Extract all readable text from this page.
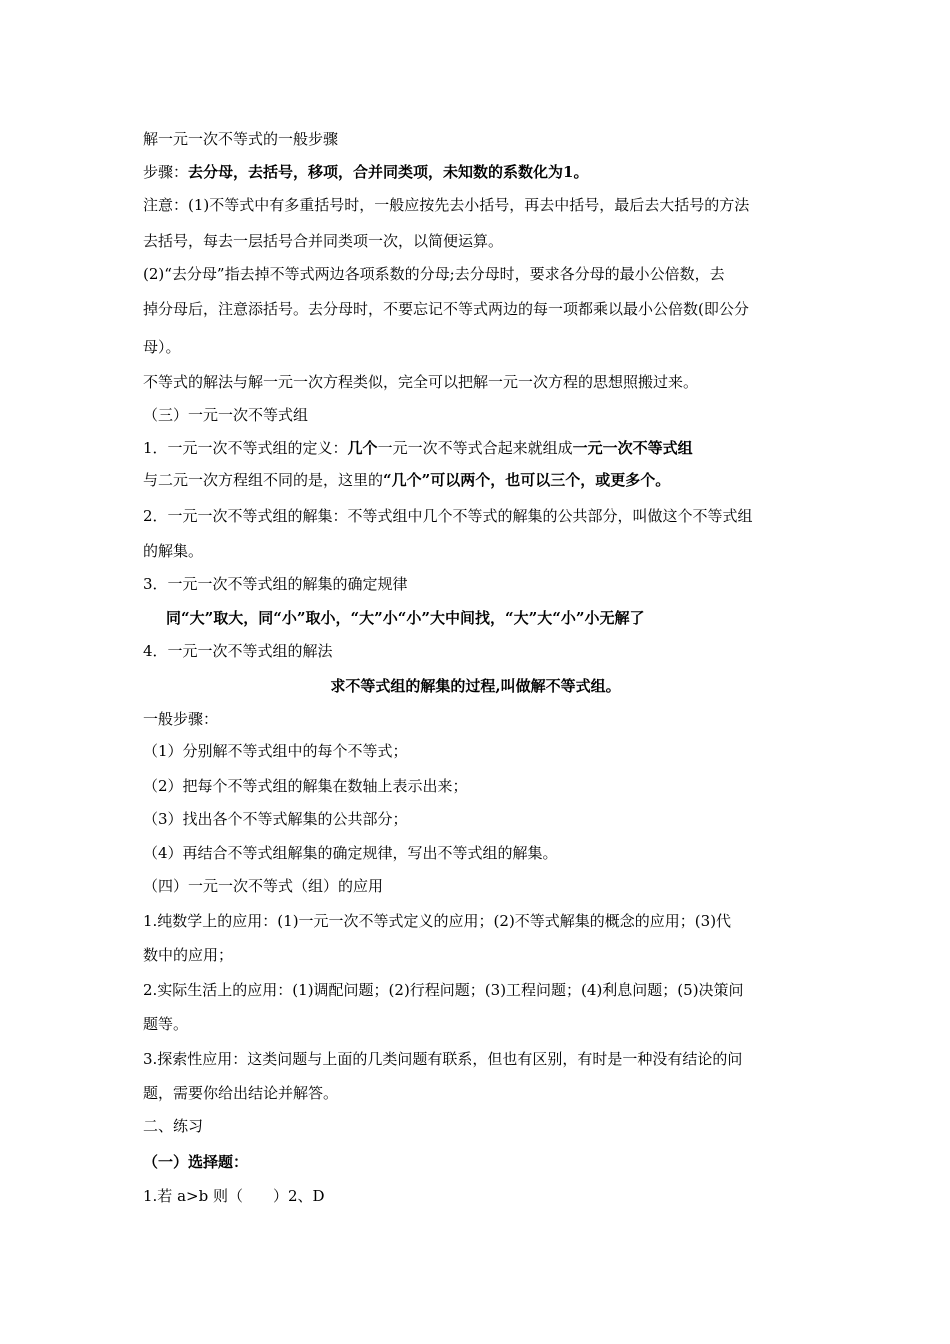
解一元一次不等式的一般步骤
步骤：去分母，去括号，移项，合并同类项，未知数的系数化为1。
注意：(1)不等式中有多重括号时，一般应按先去小括号，再去中括号，最后去大括号的方法
去括号，每去一层括号合并同类项一次，以简便运算。
(2)“去分母”指去掉不等式两边各项系数的分母;去分母时，要求各分母的最小公倍数，去
掉分母后，注意添括号。去分母时，不要忘记不等式两边的每一项都乘以最小公倍数(即公分
母）。
不等式的解法与解一元一次方程类似，完全可以把解一元一次方程的思想照搬过来。
（三）一元一次不等式组
1．一元一次不等式组的定义：几个一元一次不等式合起来就组成一元一次不等式组
与二元一次方程组不同的是，这里的“几个”可以两个，也可以三个，或更多个。
2．一元一次不等式组的解集：不等式组中几个不等式的解集的公共部分，叫做这个不等式组
的解集。
3．一元一次不等式组的解集的确定规律
同“大”取大，同“小”取小，“大”小“小”大中间找，“大”大“小”小无解了
4．一元一次不等式组的解法
求不等式组的解集的过程,叫做解不等式组。
一般步骤：
（1）分别解不等式组中的每个不等式；
（2）把每个不等式组的解集在数轴上表示出来；
（3）找出各个不等式解集的公共部分；
（4）再结合不等式组解集的确定规律，写出不等式组的解集。
（四）一元一次不等式（组）的应用
1.纯数学上的应用：(1)一元一次不等式定义的应用；(2)不等式解集的概念的应用；(3)代
数中的应用；
2.实际生活上的应用：(1)调配问题；(2)行程问题；(3)工程问题；(4)利息问题；(5)决策问
题等。
3.探索性应用：这类问题与上面的几类问题有联系，但也有区别，有时是一种没有结论的问
题，需要你给出结论并解答。
二、练习
（一）选择题：
1.若 a>b 则（　　）2、D
